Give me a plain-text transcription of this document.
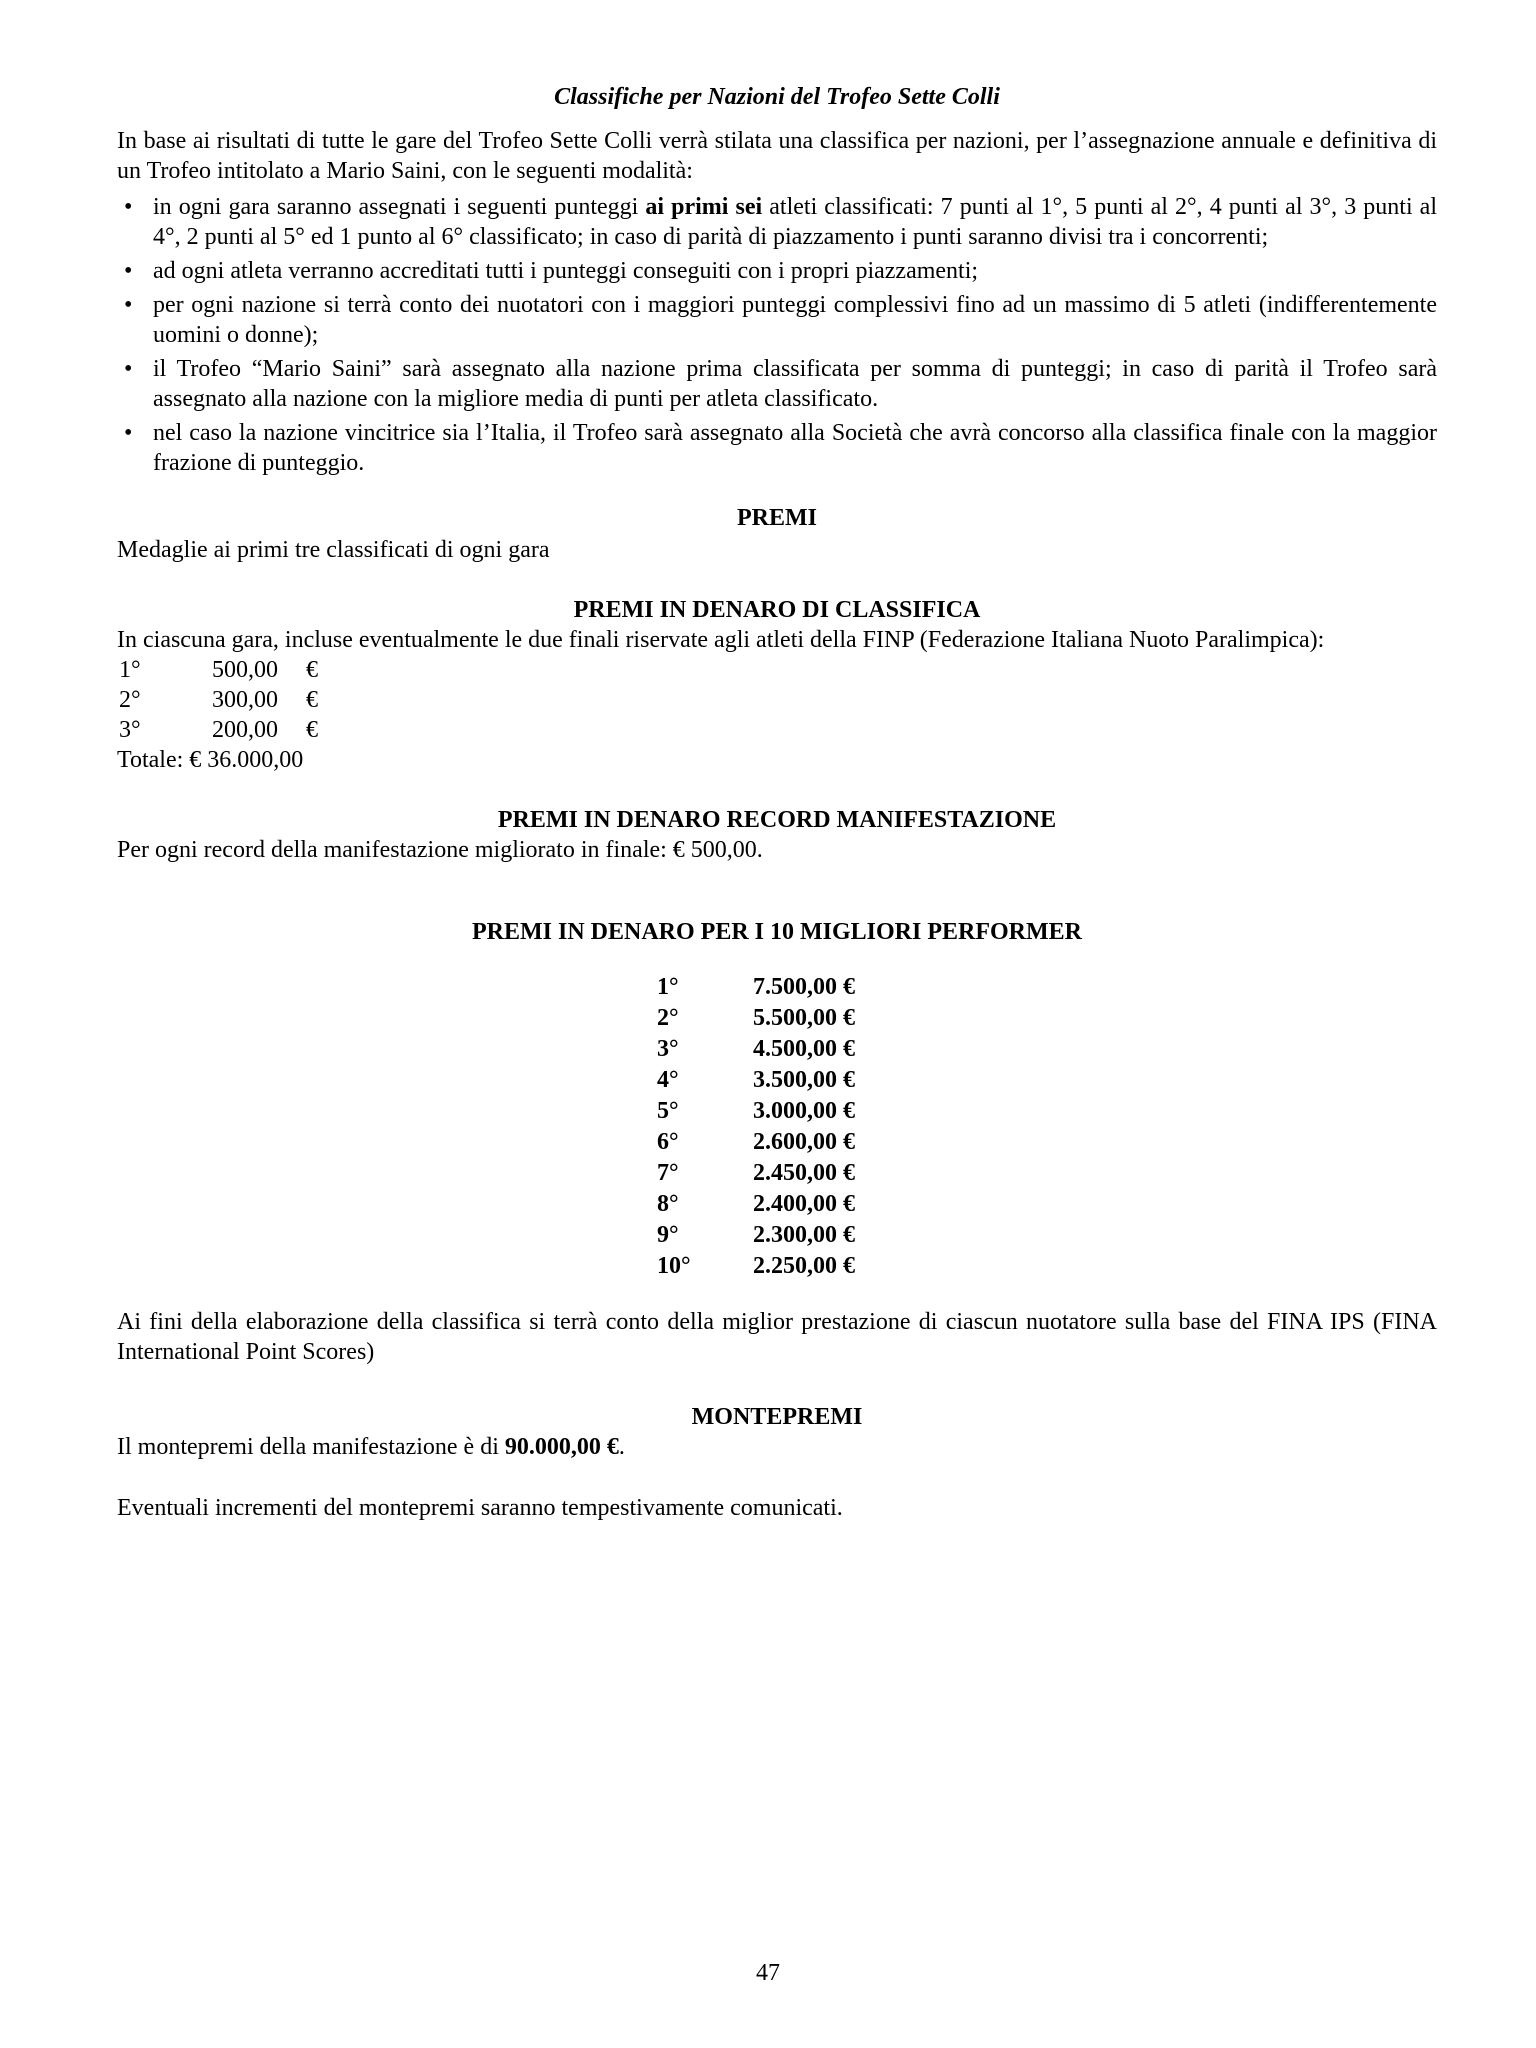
Classifiche per Nazioni del Trofeo Sette Colli

In base ai risultati di tutte le gare del Trofeo Sette Colli verrà stilata una classifica per nazioni, per l’assegnazione annuale e definitiva di un Trofeo intitolato a Mario Saini, con le seguenti modalità:

• in ogni gara saranno assegnati i seguenti punteggi ai primi sei atleti classificati: 7 punti al 1°, 5 punti al 2°, 4 punti al 3°, 3 punti al 4°, 2 punti al 5° ed 1 punto al 6° classificato; in caso di parità di piazzamento i punti saranno divisi tra i concorrenti;
• ad ogni atleta verranno accreditati tutti i punteggi conseguiti con i propri piazzamenti;
• per ogni nazione si terrà conto dei nuotatori con i maggiori punteggi complessivi fino ad un massimo di 5 atleti (indifferentemente uomini o donne);
• il Trofeo “Mario Saini” sarà assegnato alla nazione prima classificata per somma di punteggi; in caso di parità il Trofeo sarà assegnato alla nazione con la migliore media di punti per atleta classificato.
• nel caso la nazione vincitrice sia l’Italia, il Trofeo sarà assegnato alla Società che avrà concorso alla classifica finale con la maggior frazione di punteggio.

PREMI

Medaglie ai primi tre classificati di ogni gara

PREMI IN DENARO DI CLASSIFICA

In ciascuna gara, incluse eventualmente le due finali riservate agli atleti della FINP (Federazione Italiana Nuoto Paralimpica):

1°	500,00 €
2°	300,00 €
3°	200,00 €

Totale: € 36.000,00

PREMI IN DENARO RECORD MANIFESTAZIONE

Per ogni record della manifestazione migliorato in finale: € 500,00.

PREMI IN DENARO PER I 10 MIGLIORI PERFORMER

1°	7.500,00 €
2°	5.500,00 €
3°	4.500,00 €
4°	3.500,00 €
5°	3.000,00 €
6°	2.600,00 €
7°	2.450,00 €
8°	2.400,00 €
9°	2.300,00 €
10°	2.250,00 €

Ai fini della elaborazione della classifica si terrà conto della miglior prestazione di ciascun nuotatore sulla base del FINA IPS (FINA International Point Scores)

MONTEPREMI

Il montepremi della manifestazione è di 90.000,00 €.

Eventuali incrementi del montepremi saranno tempestivamente comunicati.

47
